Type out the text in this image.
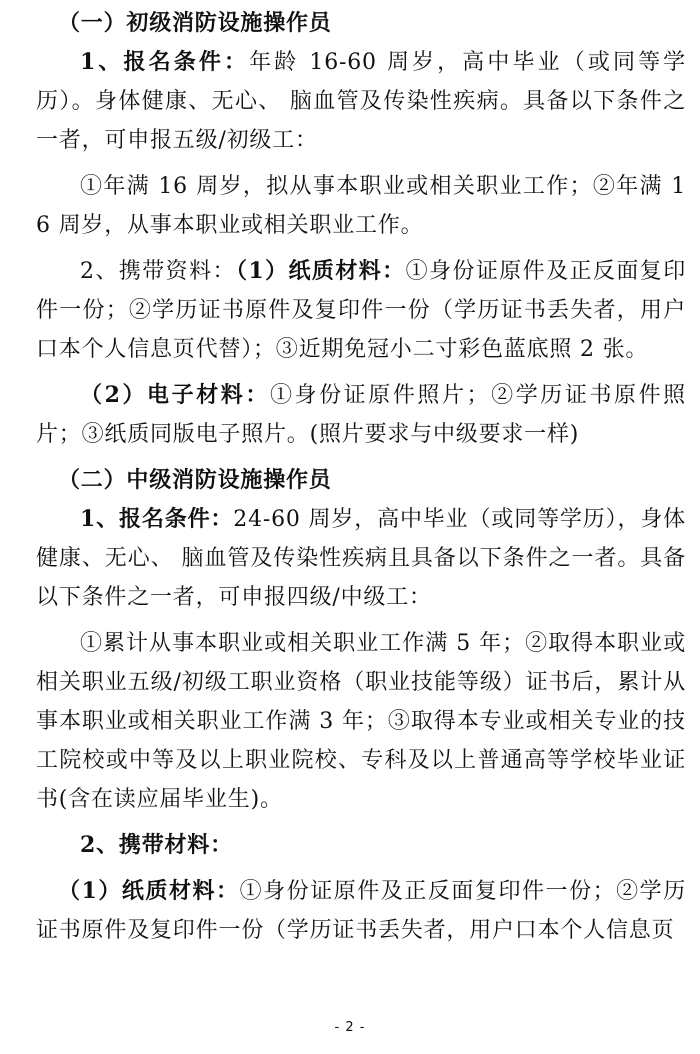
（一）初级消防设施操作员

1、报名条件：年龄 16-60 周岁，高中毕业（或同等学历）。身体健康、无心、 脑血管及传染性疾病。具备以下条件之一者，可申报五级/初级工：

①年满 16 周岁，拟从事本职业或相关职业工作；②年满 16 周岁，从事本职业或相关职业工作。

2、携带资料：（1）纸质材料：①身份证原件及正反面复印件一份；②学历证书原件及复印件一份（学历证书丢失者，用户口本个人信息页代替）；③近期免冠小二寸彩色蓝底照 2 张。

（2）电子材料：①身份证原件照片；②学历证书原件照片；③纸质同版电子照片。(照片要求与中级要求一样)

（二）中级消防设施操作员

1、报名条件：24-60 周岁，高中毕业（或同等学历），身体健康、无心、 脑血管及传染性疾病且具备以下条件之一者。具备以下条件之一者，可申报四级/中级工：

①累计从事本职业或相关职业工作满 5 年；②取得本职业或相关职业五级/初级工职业资格（职业技能等级）证书后，累计从事本职业或相关职业工作满 3 年；③取得本专业或相关专业的技工院校或中等及以上职业院校、专科及以上普通高等学校毕业证书(含在读应届毕业生)。

2、携带材料：

（1）纸质材料：①身份证原件及正反面复印件一份；②学历证书原件及复印件一份（学历证书丢失者，用户口本个人信息页

- 2 -
